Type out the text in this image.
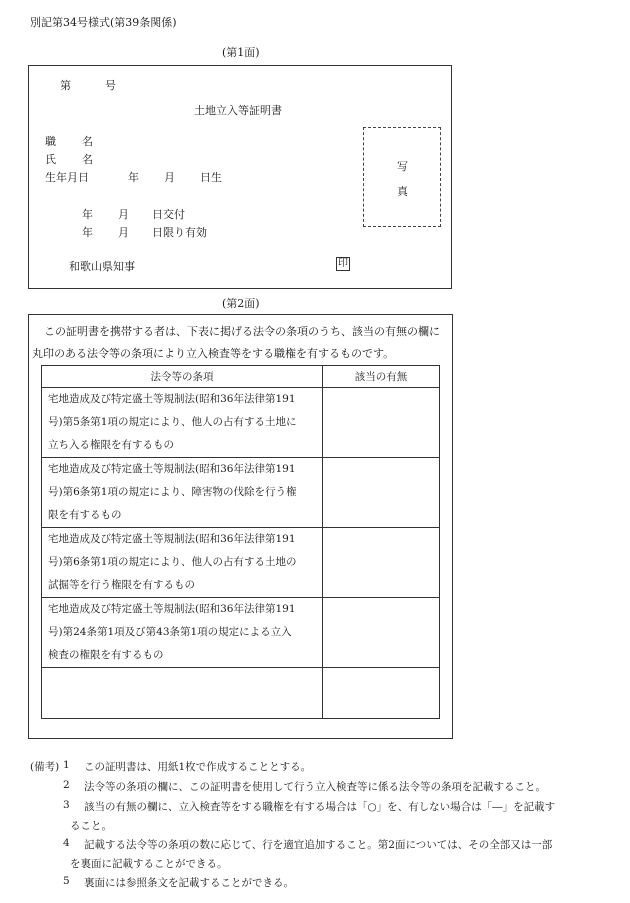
別記第34号様式(第39条関係)
(第1面)
第	号
土地立入等証明書
職 名
氏 名
生年月日	年 月 日生
年 月 日交付
年 月 日限り有効
和歌山県知事	印
写
真
(第2面)
この証明書を携帯する者は、下表に掲げる法令の条項のうち、該当の有無の欄に
丸印のある法令等の条項により立入検査等をする職権を有するものです。
法令等の条項	該当の有無

宅地造成及び特定盛土等規制法(昭和36年法律第191
号)第5条第1項の規定により、他人の占有する土地に
立ち入る権限を有するもの	

宅地造成及び特定盛土等規制法(昭和36年法律第191
号)第6条第1項の規定により、障害物の伐除を行う権
限を有するもの	

宅地造成及び特定盛土等規制法(昭和36年法律第191
号)第6条第1項の規定により、他人の占有する土地の
試掘等を行う権限を有するもの	

宅地造成及び特定盛土等規制法(昭和36年法律第191
号)第24条第1項及び第43条第1項の規定による立入
検査の権限を有するもの	

(備考) 1 この証明書は、用紙1枚で作成することとする。
2 法令等の条項の欄に、この証明書を使用して行う立入検査等に係る法令等の条項を記載すること。
3 該当の有無の欄に、立入検査等をする職権を有する場合は「○」を、有しない場合は「―」を記載す
ること。
4 記載する法令等の条項の数に応じて、行を適宜追加すること。第2面については、その全部又は一部
を裏面に記載することができる。
5 裏面には参照条文を記載することができる。
